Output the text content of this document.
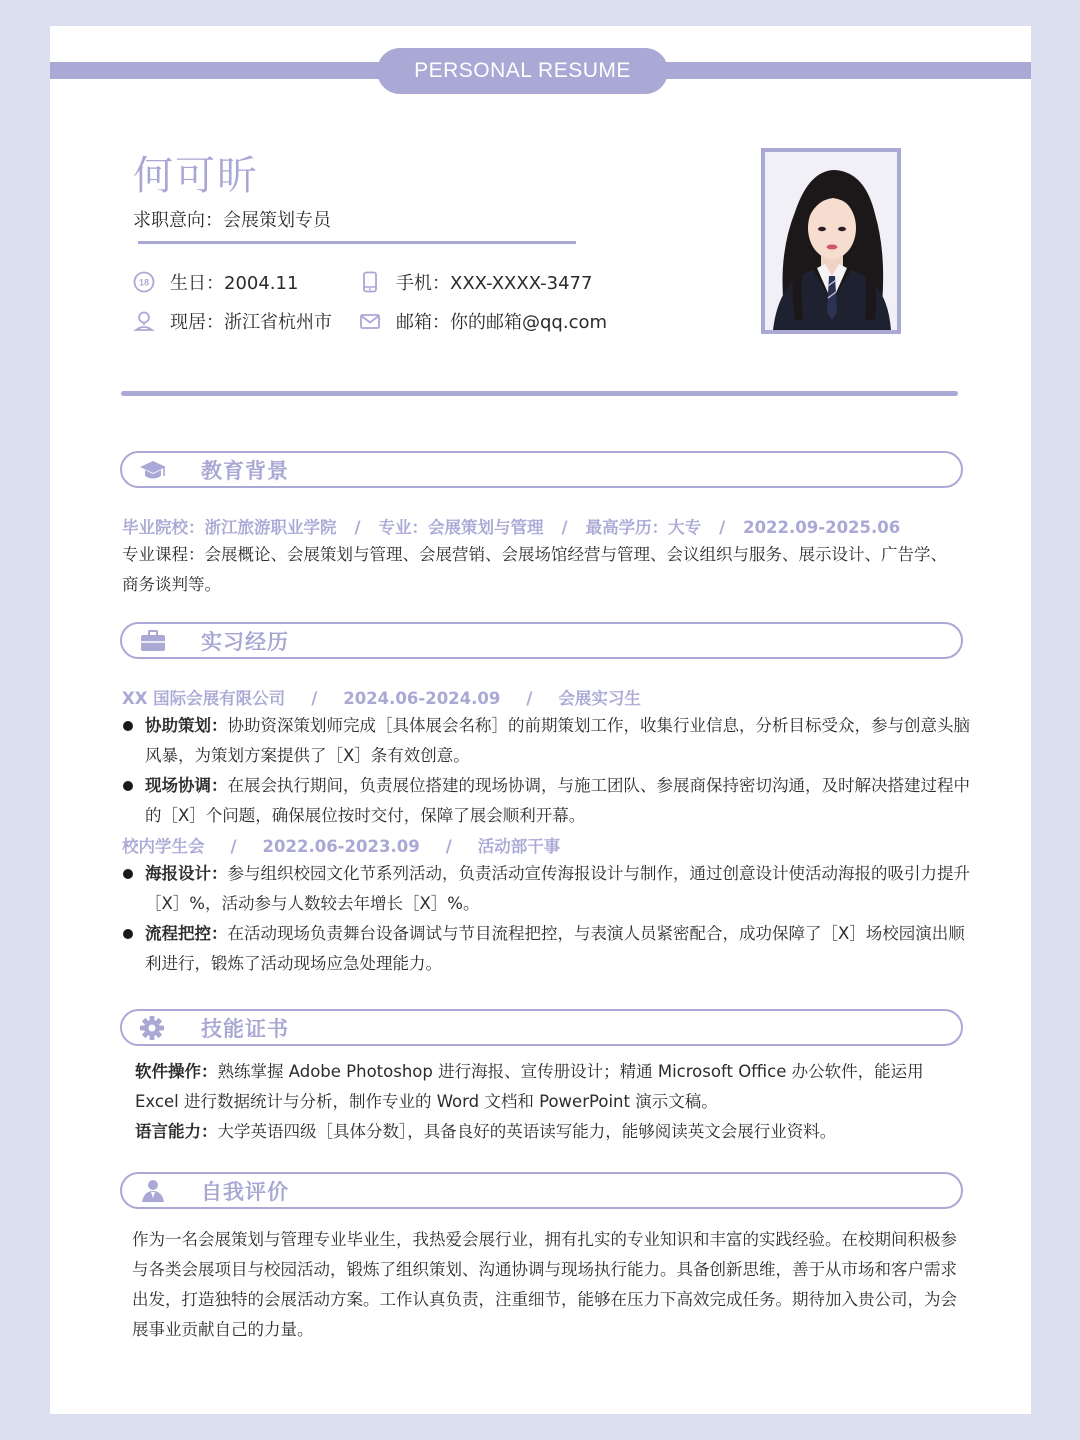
PERSONAL RESUME
何可昕
求职意向：会展策划专员
18 生日：2004.11	手机：XXX-XXXX-3477
现居：浙江省杭州市	邮箱：你的邮箱@qq.com
教育背景
毕业院校：浙江旅游职业学院 / 专业：会展策划与管理 / 最高学历：大专 / 2022.09-2025.06
专业课程：会展概论、会展策划与管理、会展营销、会展场馆经营与管理、会议组织与服务、展示设计、广告学、商务谈判等。
实习经历
XX 国际会展有限公司 / 2024.06-2024.09 / 会展实习生
协助策划：协助资深策划师完成［具体展会名称］的前期策划工作，收集行业信息，分析目标受众，参与创意头脑风暴，为策划方案提供了［X］条有效创意。
现场协调：在展会执行期间，负责展位搭建的现场协调，与施工团队、参展商保持密切沟通，及时解决搭建过程中的［X］个问题，确保展位按时交付，保障了展会顺利开幕。
校内学生会 / 2022.06-2023.09 / 活动部干事
海报设计：参与组织校园文化节系列活动，负责活动宣传海报设计与制作，通过创意设计使活动海报的吸引力提升［X］%，活动参与人数较去年增长［X］%。
流程把控：在活动现场负责舞台设备调试与节目流程把控，与表演人员紧密配合，成功保障了［X］场校园演出顺利进行，锻炼了活动现场应急处理能力。
技能证书
软件操作：熟练掌握 Adobe Photoshop 进行海报、宣传册设计；精通 Microsoft Office 办公软件，能运用 Excel 进行数据统计与分析，制作专业的 Word 文档和 PowerPoint 演示文稿。
语言能力：大学英语四级［具体分数］，具备良好的英语读写能力，能够阅读英文会展行业资料。
自我评价
作为一名会展策划与管理专业毕业生，我热爱会展行业，拥有扎实的专业知识和丰富的实践经验。在校期间积极参与各类会展项目与校园活动，锻炼了组织策划、沟通协调与现场执行能力。具备创新思维，善于从市场和客户需求出发，打造独特的会展活动方案。工作认真负责，注重细节，能够在压力下高效完成任务。期待加入贵公司，为会展事业贡献自己的力量。
